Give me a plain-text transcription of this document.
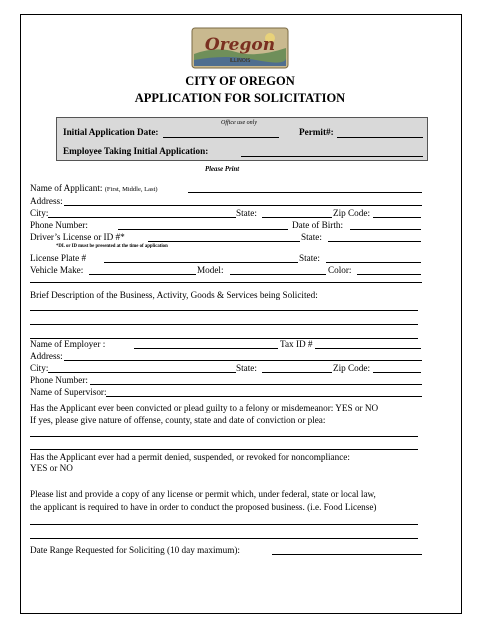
Oregon
ILLINOIS
CITY OF OREGON
APPLICATION FOR SOLICITATION
Office use only
Initial Application Date:	Permit#:
Employee Taking Initial Application:
Please Print
Name of Applicant: (First, Middle, Last)
Address:
City:	State:	Zip Code:
Phone Number:	Date of Birth:
Driver’s License or ID #*	State:
*DL or ID must be presented at the time of application
License Plate #	State:
Vehicle Make:	Model:	Color:
Brief Description of the Business, Activity, Goods & Services being Solicited:
Name of Employer :	Tax ID #
Address:
City:	State:	Zip Code:
Phone Number:
Name of Supervisor:
Has the Applicant ever been convicted or plead guilty to a felony or misdemeanor: YES or NO
If yes, please give nature of offense, county, state and date of conviction or plea:
Has the Applicant ever had a permit denied, suspended, or revoked for noncompliance:
YES or NO
Please list and provide a copy of any license or permit which, under federal, state or local law,
the applicant is required to have in order to conduct the proposed business. (i.e. Food License)
Date Range Requested for Soliciting (10 day maximum):
